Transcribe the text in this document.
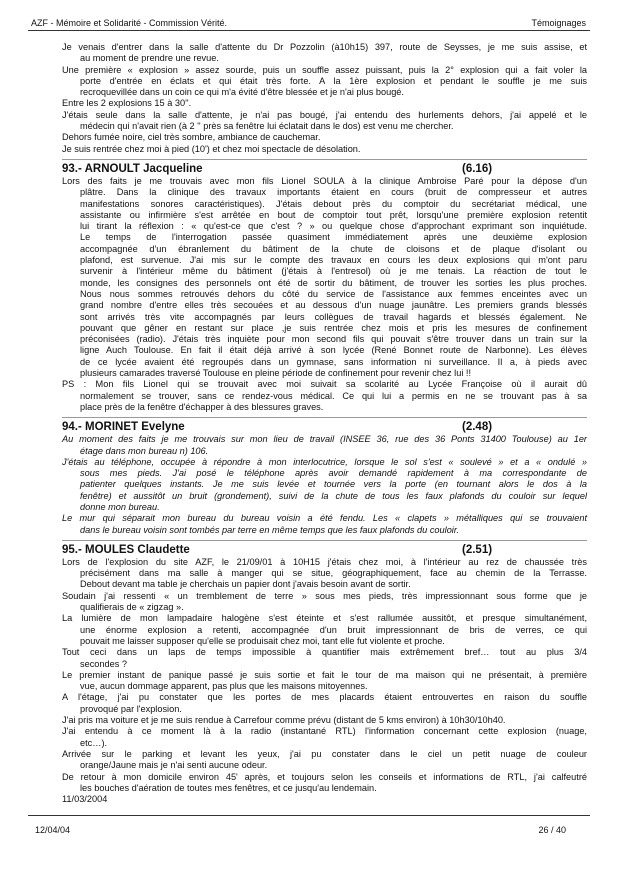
AZF - Mémoire et Solidarité - Commission Vérité.	Témoignages
Je venais d'entrer dans la salle d'attente du Dr Pozzolin (à10h15) 397, route de Seysses, je me suis assise, et
au moment de prendre une revue.
Une première « explosion » assez sourde, puis un souffle assez puissant, puis la 2° explosion qui a fait voler la
porte d'entrée en éclats et qui était très forte. A la 1ère explosion et pendant le souffle je me suis
recroquevillée dans un coin ce qui m'a évité d'être blessée et je n'ai plus bougé.
Entre les 2 explosions 15 à 30''.
J'étais seule dans la salle d'attente, je n'ai pas bougé, j'ai entendu des hurlements dehors, j'ai appelé et le
médecin qui n'avait rien (à 2 '' près sa fenêtre lui éclatait dans le dos) est venu me chercher.
Dehors fumée noire, ciel très sombre, ambiance de cauchemar.
Je suis rentrée chez moi à pied (10') et chez moi spectacle de désolation.
93.- ARNOULT Jacqueline	(6.16)
Lors des faits je me trouvais avec mon fils Lionel SOULA à la clinique Ambroise Paré pour la dépose d'un
plâtre. Dans la clinique des travaux importants étaient en cours (bruit de compresseur et autres
manifestations sonores caractéristiques). J'étais debout près du comptoir du secrétariat médical, une
assistante ou infirmière s'est arrêtée en bout de comptoir tout prêt, lorsqu'une première explosion retentit
lui tirant la réflexion : « qu'est-ce que c'est ? » ou quelque chose d'approchant exprimant son inquiétude.
Le temps de l'interrogation passée quasiment immédiatement après une deuxième explosion
accompagnée d'un ébranlement du bâtiment de la chute de cloisons et de plaque d'isolant ou
plafond, est survenue. J'ai mis sur le compte des travaux en cours les deux explosions qui m'ont paru
survenir à l'intérieur même du bâtiment (j'étais à l'entresol) où je me tenais. La réaction de tout le
monde, les consignes des personnels ont été de sortir du bâtiment, de trouver les sorties les plus proches.
Nous nous sommes retrouvés dehors du côté du service de l'assistance aux femmes enceintes avec un
grand nombre d'entre elles très secouées et au dessous d'un nuage jaunâtre. Les premiers grands blessés
sont arrivés très vite accompagnés par leurs collègues de travail hagards et blessés également. Ne
pouvant que gêner en restant sur place ,je suis rentrée chez mois et pris les mesures de confinement
préconisées (radio). J'étais très inquiète pour mon second fils qui pouvait s'être trouver dans un train sur la
ligne Auch Toulouse. En fait il était déjà arrivé à son lycée (René Bonnet route de Narbonne). Les élèves
de ce lycée avaient été regroupés dans un gymnase, sans information ni surveillance. Il a, à pieds avec
plusieurs camarades traversé Toulouse en pleine période de confinement pour revenir chez lui !!
PS : Mon fils Lionel qui se trouvait avec moi suivait sa scolarité au Lycée Françoise où il aurait dû
normalement se trouver, sans ce rendez-vous médical. Ce qui lui a permis en ne se trouvant pas à sa
place près de la fenêtre d'échapper à des blessures graves.
94.- MORINET Evelyne	(2.48)
Au moment des faits je me trouvais sur mon lieu de travail (INSEE 36, rue des 36 Ponts 31400 Toulouse) au 1er
étage dans mon bureau n) 106.
J'étais au téléphone, occupée à répondre à mon interlocutrice, lorsque le sol s'est « soulevé » et a « ondulé »
sous mes pieds. J'ai posé le téléphone après avoir demandé rapidement à ma correspondante de
patienter quelques instants. Je me suis levée et tournée vers la porte (en tournant alors le dos à la
fenêtre) et aussitôt un bruit (grondement), suivi de la chute de tous les faux plafonds du couloir sur lequel
donne mon bureau.
Le mur qui séparait mon bureau du bureau voisin a été fendu. Les « clapets » métalliques qui se trouvaient
dans le bureau voisin sont tombés par terre en même temps que les faux plafonds du couloir.
95.- MOULES Claudette	(2.51)
Lors de l'explosion du site AZF, le 21/09/01 à 10H15 j'étais chez moi, à l'intérieur au rez de chaussée très
précisément dans ma salle à manger qui se situe, géographiquement, face au chemin de la Terrasse.
Debout devant ma table je cherchais un papier dont j'avais besoin avant de sortir.
Soudain j'ai ressenti « un tremblement de terre » sous mes pieds, très impressionnant sous forme que je
qualifierais de « zigzag ».
La lumière de mon lampadaire halogène s'est éteinte et s'est rallumée aussitôt, et presque simultanément,
une énorme explosion a retenti, accompagnée d'un bruit impressionnant de bris de verres, ce qui
pouvait me laisser supposer qu'elle se produisait chez moi, tant elle fut violente et proche.
Tout ceci dans un laps de temps impossible à quantifier mais extrêmement bref… tout au plus 3/4
secondes ?
Le premier instant de panique passé je suis sortie et fait le tour de ma maison qui ne présentait, à première
vue, aucun dommage apparent, pas plus que les maisons mitoyennes.
A l'étage, j'ai pu constater que les portes de mes placards étaient entrouvertes en raison du souffle
provoqué par l'explosion.
J'ai pris ma voiture et je me suis rendue à Carrefour comme prévu (distant de 5 kms environ) à 10h30/10h40.
J'ai entendu à ce moment là à la radio (instantané RTL) l'information concernant cette explosion (nuage,
etc…).
Arrivée sur le parking et levant les yeux, j'ai pu constater dans le ciel un petit nuage de couleur
orange/Jaune mais je n'ai senti aucune odeur.
De retour à mon domicile environ 45' après, et toujours selon les conseils et informations de RTL, j'ai calfeutré
les bouches d'aération de toutes mes fenêtres, et ce jusqu'au lendemain.
11/03/2004
12/04/04	26 / 40
